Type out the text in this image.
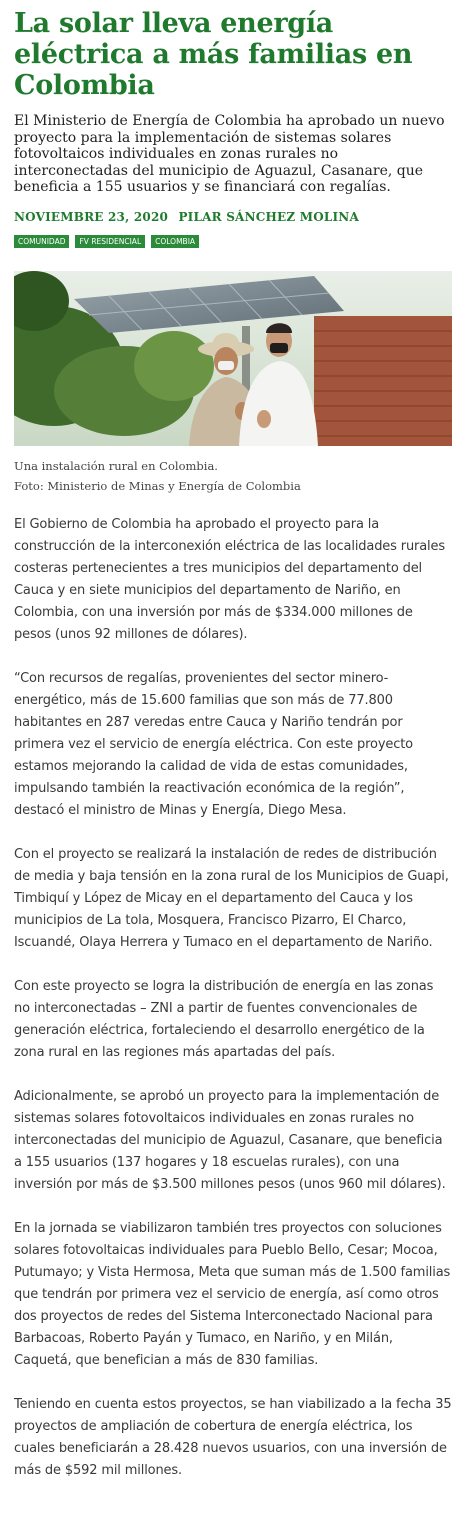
La solar lleva energía eléctrica a más familias en Colombia

El Ministerio de Energía de Colombia ha aprobado un nuevo proyecto para la implementación de sistemas solares fotovoltaicos individuales en zonas rurales no interconectadas del municipio de Aguazul, Casanare, que beneficia a 155 usuarios y se financiará con regalías.

NOVIEMBRE 23, 2020 PILAR SÁNCHEZ MOLINA
COMUNIDAD	FV RESIDENCIAL	COLOMBIA
Una instalación rural en Colombia.
Foto: Ministerio de Minas y Energía de Colombia

El Gobierno de Colombia ha aprobado el proyecto para la construcción de la interconexión eléctrica de las localidades rurales costeras pertenecientes a tres municipios del departamento del Cauca y en siete municipios del departamento de Nariño, en Colombia, con una inversión por más de $334.000 millones de pesos (unos 92 millones de dólares).

“Con recursos de regalías, provenientes del sector minero-energético, más de 15.600 familias que son más de 77.800 habitantes en 287 veredas entre Cauca y Nariño tendrán por primera vez el servicio de energía eléctrica. Con este proyecto estamos mejorando la calidad de vida de estas comunidades, impulsando también la reactivación económica de la región”, destacó el ministro de Minas y Energía, Diego Mesa.

Con el proyecto se realizará la instalación de redes de distribución de media y baja tensión en la zona rural de los Municipios de Guapi, Timbiquí y López de Micay en el departamento del Cauca y los municipios de La tola, Mosquera, Francisco Pizarro, El Charco, Iscuandé, Olaya Herrera y Tumaco en el departamento de Nariño.

Con este proyecto se logra la distribución de energía en las zonas no interconectadas – ZNI a partir de fuentes convencionales de generación eléctrica, fortaleciendo el desarrollo energético de la zona rural en las regiones más apartadas del país.

Adicionalmente, se aprobó un proyecto para la implementación de sistemas solares fotovoltaicos individuales en zonas rurales no interconectadas del municipio de Aguazul, Casanare, que beneficia a 155 usuarios (137 hogares y 18 escuelas rurales), con una inversión por más de $3.500 millones pesos (unos 960 mil dólares).

En la jornada se viabilizaron también tres proyectos con soluciones solares fotovoltaicas individuales para Pueblo Bello, Cesar; Mocoa, Putumayo; y Vista Hermosa, Meta que suman más de 1.500 familias que tendrán por primera vez el servicio de energía, así como otros dos proyectos de redes del Sistema Interconectado Nacional para Barbacoas, Roberto Payán y Tumaco, en Nariño, y en Milán, Caquetá, que benefician a más de 830 familias.

Teniendo en cuenta estos proyectos, se han viabilizado a la fecha 35 proyectos de ampliación de cobertura de energía eléctrica, los cuales beneficiarán a 28.428 nuevos usuarios, con una inversión de más de $592 mil millones.
